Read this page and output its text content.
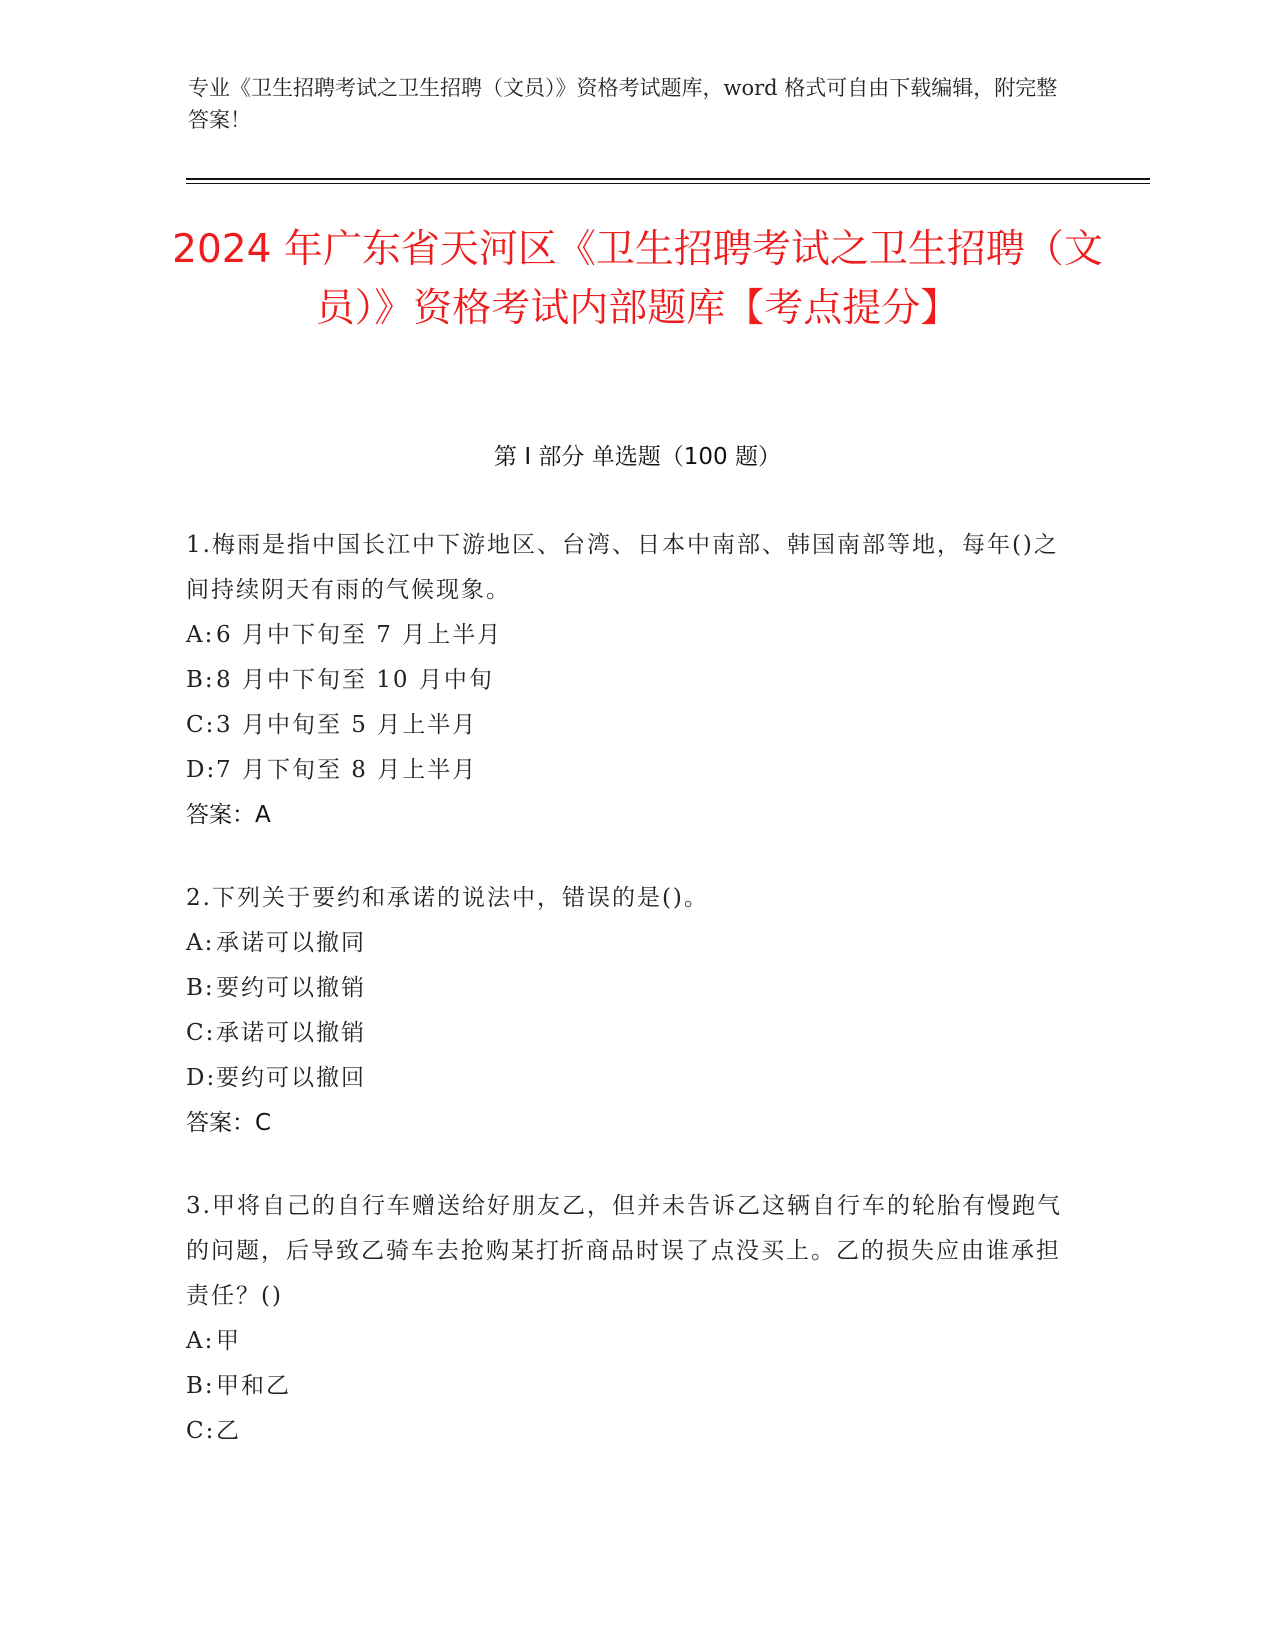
专业《卫生招聘考试之卫生招聘（文员）》资格考试题库，word 格式可自由下载编辑，附完整答案！
2024 年广东省天河区《卫生招聘考试之卫生招聘（文员）》资格考试内部题库【考点提分】
第 I 部分 单选题（100 题）
1.梅雨是指中国长江中下游地区、台湾、日本中南部、韩国南部等地，每年()之间持续阴天有雨的气候现象。
A:6 月中下旬至 7 月上半月
B:8 月中下旬至 10 月中旬
C:3 月中旬至 5 月上半月
D:7 月下旬至 8 月上半月
答案：A
2.下列关于要约和承诺的说法中，错误的是()。
A:承诺可以撤同
B:要约可以撤销
C:承诺可以撤销
D:要约可以撤回
答案：C
3.甲将自己的自行车赠送给好朋友乙，但并未告诉乙这辆自行车的轮胎有慢跑气的问题，后导致乙骑车去抢购某打折商品时误了点没买上。乙的损失应由谁承担责任？()
A:甲
B:甲和乙
C:乙
